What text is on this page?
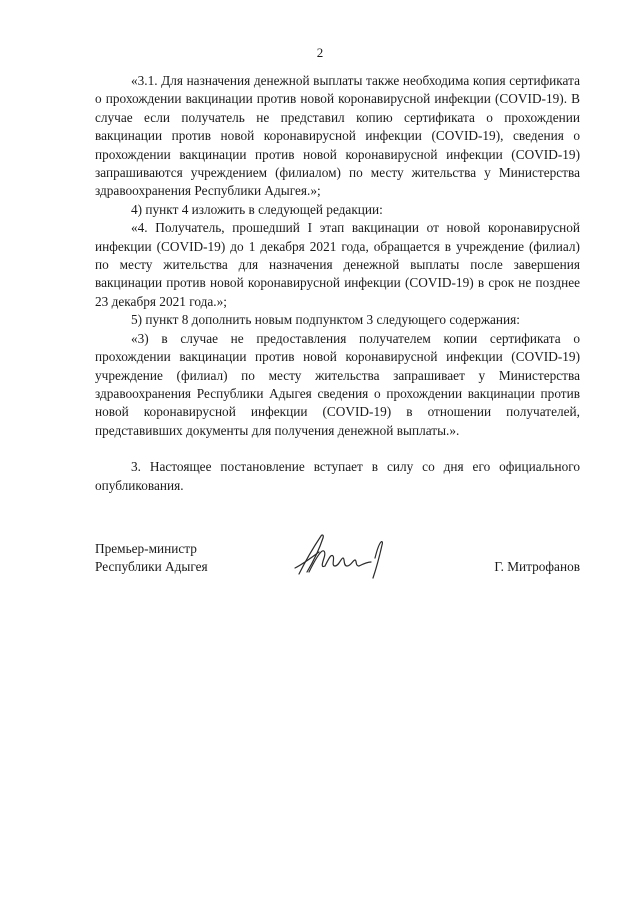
2

«3.1. Для назначения денежной выплаты также необходима копия сертификата о прохождении вакцинации против новой коронавирусной инфекции (COVID-19). В случае если получатель не представил копию сертификата о прохождении вакцинации против новой коронавирусной инфекции (COVID-19), сведения о прохождении вакцинации против новой коронавирусной инфекции (COVID-19) запрашиваются учреждением (филиалом) по месту жительства у Министерства здравоохранения Республики Адыгея.»;

4) пункт 4 изложить в следующей редакции:

«4. Получатель, прошедший I этап вакцинации от новой коронавирусной инфекции (COVID-19) до 1 декабря 2021 года, обращается в учреждение (филиал) по месту жительства для назначения денежной выплаты после завершения вакцинации против новой коронавирусной инфекции (COVID-19) в срок не позднее 23 декабря 2021 года.»;

5) пункт 8 дополнить новым подпунктом 3 следующего содержания:

«3) в случае не предоставления получателем копии сертификата о прохождении вакцинации против новой коронавирусной инфекции (COVID-19) учреждение (филиал) по месту жительства запрашивает у Министерства здравоохранения Республики Адыгея сведения о прохождении вакцинации против новой коронавирусной инфекции (COVID-19) в отношении получателей, представивших документы для получения денежной выплаты.».

3. Настоящее постановление вступает в силу со дня его официального опубликования.

Премьер-министр
Республики Адыгея	Г. Митрофанов
